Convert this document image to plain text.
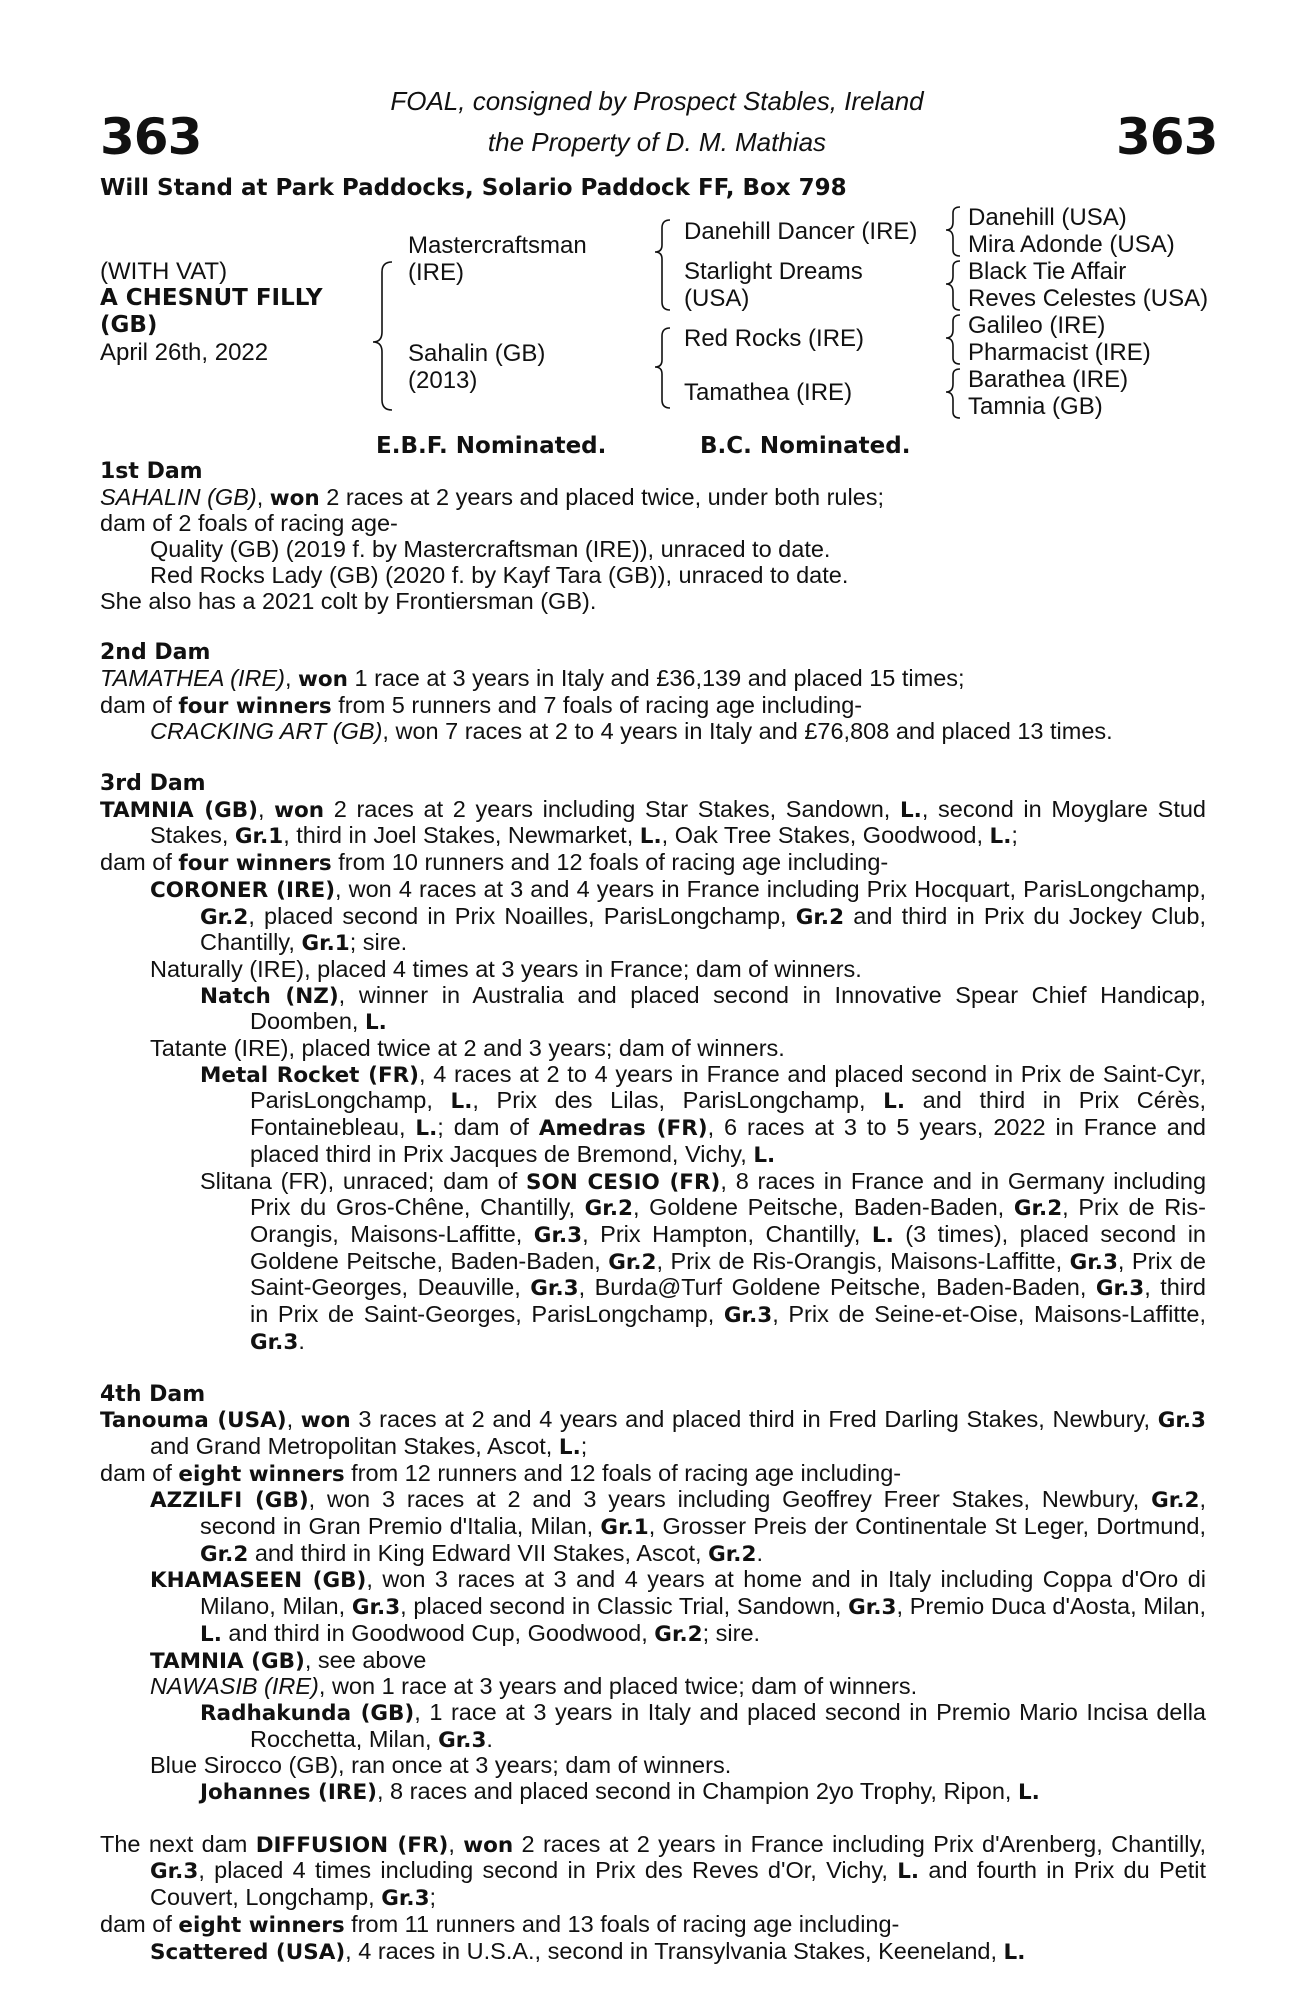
363	363
FOAL, consigned by Prospect Stables, Ireland
the Property of D. M. Mathias
Will Stand at Park Paddocks, Solario Paddock FF, Box 798
(WITH VAT)
A CHESNUT FILLY
(GB)
April 26th, 2022
Mastercraftsman
(IRE)
Sahalin (GB)
(2013)
Danehill Dancer (IRE)
Starlight Dreams
(USA)
Red Rocks (IRE)
Tamathea (IRE)
Danehill (USA)
Mira Adonde (USA)
Black Tie Affair
Reves Celestes (USA)
Galileo (IRE)
Pharmacist (IRE)
Barathea (IRE)
Tamnia (GB)
E.B.F. Nominated.	B.C. Nominated.

1st Dam

SAHALIN (GB), won 2 races at 2 years and placed twice, under both rules;

dam of 2 foals of racing age-

Quality (GB) (2019 f. by Mastercraftsman (IRE)), unraced to date.

Red Rocks Lady (GB) (2020 f. by Kayf Tara (GB)), unraced to date.

She also has a 2021 colt by Frontiersman (GB).

2nd Dam

TAMATHEA (IRE), won 1 race at 3 years in Italy and £36,139 and placed 15 times;

dam of four winners from 5 runners and 7 foals of racing age including-

CRACKING ART (GB), won 7 races at 2 to 4 years in Italy and £76,808 and placed 13 times.

3rd Dam

TAMNIA (GB), won 2 races at 2 years including Star Stakes, Sandown, L., second in Moyglare Stud Stakes, Gr.1, third in Joel Stakes, Newmarket, L., Oak Tree Stakes, Goodwood, L.;

dam of four winners from 10 runners and 12 foals of racing age including-

CORONER (IRE), won 4 races at 3 and 4 years in France including Prix Hocquart, ParisLongchamp, Gr.2, placed second in Prix Noailles, ParisLongchamp, Gr.2 and third in Prix du Jockey Club, Chantilly, Gr.1; sire.

Naturally (IRE), placed 4 times at 3 years in France; dam of winners.

Natch (NZ), winner in Australia and placed second in Innovative Spear Chief Handicap, Doomben, L.

Tatante (IRE), placed twice at 2 and 3 years; dam of winners.

Metal Rocket (FR), 4 races at 2 to 4 years in France and placed second in Prix de Saint-Cyr, ParisLongchamp, L., Prix des Lilas, ParisLongchamp, L. and third in Prix Cérès, Fontainebleau, L.; dam of Amedras (FR), 6 races at 3 to 5 years, 2022 in France and placed third in Prix Jacques de Bremond, Vichy, L.

Slitana (FR), unraced; dam of SON CESIO (FR), 8 races in France and in Germany including Prix du Gros-Chêne, Chantilly, Gr.2, Goldene Peitsche, Baden-Baden, Gr.2, Prix de Ris-Orangis, Maisons-Laffitte, Gr.3, Prix Hampton, Chantilly, L. (3 times), placed second in Goldene Peitsche, Baden-Baden, Gr.2, Prix de Ris-Orangis, Maisons-Laffitte, Gr.3, Prix de Saint-Georges, Deauville, Gr.3, Burda@Turf Goldene Peitsche, Baden-Baden, Gr.3, third in Prix de Saint-Georges, ParisLongchamp, Gr.3, Prix de Seine-et-Oise, Maisons-Laffitte, Gr.3.

4th Dam

Tanouma (USA), won 3 races at 2 and 4 years and placed third in Fred Darling Stakes, Newbury, Gr.3 and Grand Metropolitan Stakes, Ascot, L.;

dam of eight winners from 12 runners and 12 foals of racing age including-

AZZILFI (GB), won 3 races at 2 and 3 years including Geoffrey Freer Stakes, Newbury, Gr.2, second in Gran Premio d'Italia, Milan, Gr.1, Grosser Preis der Continentale St Leger, Dortmund, Gr.2 and third in King Edward VII Stakes, Ascot, Gr.2.

KHAMASEEN (GB), won 3 races at 3 and 4 years at home and in Italy including Coppa d'Oro di Milano, Milan, Gr.3, placed second in Classic Trial, Sandown, Gr.3, Premio Duca d'Aosta, Milan, L. and third in Goodwood Cup, Goodwood, Gr.2; sire.

TAMNIA (GB), see above

NAWASIB (IRE), won 1 race at 3 years and placed twice; dam of winners.

Radhakunda (GB), 1 race at 3 years in Italy and placed second in Premio Mario Incisa della Rocchetta, Milan, Gr.3.

Blue Sirocco (GB), ran once at 3 years; dam of winners.

Johannes (IRE), 8 races and placed second in Champion 2yo Trophy, Ripon, L.

The next dam DIFFUSION (FR), won 2 races at 2 years in France including Prix d'Arenberg, Chantilly, Gr.3, placed 4 times including second in Prix des Reves d'Or, Vichy, L. and fourth in Prix du Petit Couvert, Longchamp, Gr.3;

dam of eight winners from 11 runners and 13 foals of racing age including-

Scattered (USA), 4 races in U.S.A., second in Transylvania Stakes, Keeneland, L.
